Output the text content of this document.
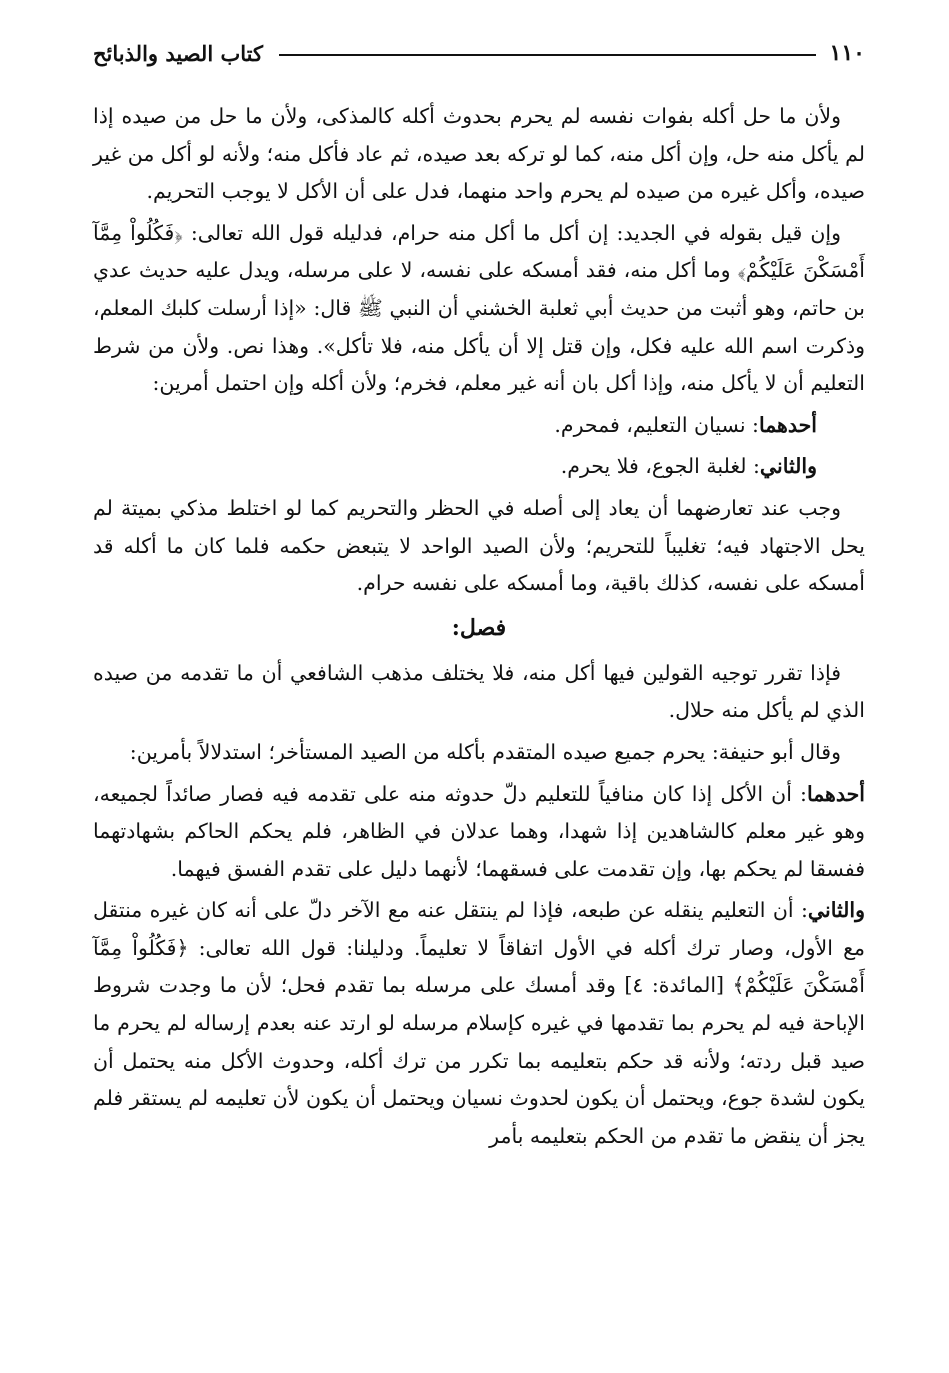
١١٠
كتاب الصيد والذبائح

ولأن ما حل أكله بفوات نفسه لم يحرم بحدوث أكله كالمذكى، ولأن ما حل من صيده إذا لم يأكل منه حل، وإن أكل منه، كما لو تركه بعد صيده، ثم عاد فأكل منه؛ ولأنه لو أكل من غير صيده، وأكل غيره من صيده لم يحرم واحد منهما، فدل على أن الأكل لا يوجب التحريم.

وإن قيل بقوله في الجديد: إن أكل ما أكل منه حرام، فدليله قول الله تعالى: ﴿فَكُلُواْ مِمَّآ أَمْسَكْنَ عَلَيْكُمْ﴾ وما أكل منه، فقد أمسكه على نفسه، لا على مرسله، ويدل عليه حديث عدي بن حاتم، وهو أثبت من حديث أبي ثعلبة الخشني أن النبي ﷺ قال: «إذا أرسلت كلبك المعلم، وذكرت اسم الله عليه فكل، وإن قتل إلا أن يأكل منه، فلا تأكل». وهذا نص. ولأن من شرط التعليم أن لا يأكل منه، وإذا أكل بان أنه غير معلم، فخرم؛ ولأن أكله وإن احتمل أمرين:

أحدهما: نسيان التعليم، فمحرم.

والثاني: لغلبة الجوع، فلا يحرم.

وجب عند تعارضهما أن يعاد إلى أصله في الحظر والتحريم كما لو اختلط مذكي بميتة لم يحل الاجتهاد فيه؛ تغليباً للتحريم؛ ولأن الصيد الواحد لا يتبعض حكمه فلما كان ما أكله قد أمسكه على نفسه، كذلك باقية، وما أمسكه على نفسه حرام.

فصل:

فإذا تقرر توجيه القولين فيها أكل منه، فلا يختلف مذهب الشافعي أن ما تقدمه من صيده الذي لم يأكل منه حلال.

وقال أبو حنيفة: يحرم جميع صيده المتقدم بأكله من الصيد المستأخر؛ استدلالاً بأمرين:

أحدهما: أن الأكل إذا كان منافياً للتعليم دلّ حدوثه منه على تقدمه فيه فصار صائداً لجميعه، وهو غير معلم كالشاهدين إذا شهدا، وهما عدلان في الظاهر، فلم يحكم الحاكم بشهادتهما ففسقا لم يحكم بها، وإن تقدمت على فسقهما؛ لأنهما دليل على تقدم الفسق فيهما.

والثاني: أن التعليم ينقله عن طبعه، فإذا لم ينتقل عنه مع الآخر دلّ على أنه كان غيره منتقل مع الأول، وصار ترك أكله في الأول اتفاقاً لا تعليماً. ودليلنا: قول الله تعالى: ﴿فَكُلُواْ مِمَّآ أَمْسَكْنَ عَلَيْكُمْ﴾ [المائدة: ٤] وقد أمسك على مرسله بما تقدم فحل؛ لأن ما وجدت شروط الإباحة فيه لم يحرم بما تقدمها في غيره كإسلام مرسله لو ارتد عنه بعدم إرساله لم يحرم ما صيد قبل ردته؛ ولأنه قد حكم بتعليمه بما تكرر من ترك أكله، وحدوث الأكل منه يحتمل أن يكون لشدة جوع، ويحتمل أن يكون لحدوث نسيان ويحتمل أن يكون لأن تعليمه لم يستقر فلم يجز أن ينقض ما تقدم من الحكم بتعليمه بأمر
